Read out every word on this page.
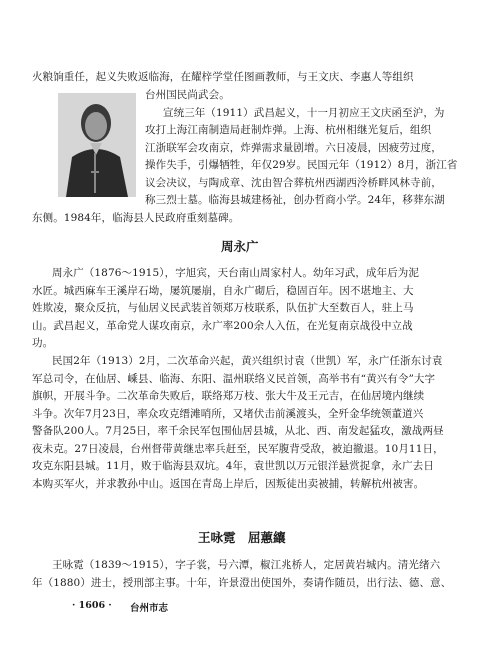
火粮饷重任，起义失败返临海，在耀梓学堂任图画教师，与王文庆、李惠人等组织
台州国民尚武会。
宣统三年（1911）武昌起义，十一月初应王文庆函至沪，为
攻打上海江南制造局赶制炸弹。上海、杭州相继光复后，组织
江浙联军会攻南京，炸弹需求量剧增。六日凌晨，因疲劳过度，
操作失手，引爆牺牲，年仅29岁。民国元年（1912）8月，浙江省
议会决议，与陶成章、沈由智合葬杭州西湖西泠桥畔风林寺前，
称三烈士墓。临海县城建杨祉，创办哲商小学。24年，移葬东湖
东侧。1984年，临海县人民政府重刻墓碑。
周永广
周永广（1876～1915），字旭宾，天台南山周家村人。幼年习武，成年后为泥
水匠。城西麻车王溪岸石坳，屡筑屡崩，自永广砌后，稳固百年。因不堪地主、大
姓欺凌，聚众反抗，与仙居义民武装首领郑万枝联系，队伍扩大至数百人，驻上马
山。武昌起义，革命党人谋攻南京，永广率200余人入伍，在光复南京战役中立战
功。
民国2年（1913）2月，二次革命兴起，黄兴组织讨袁（世凯）军，永广任浙东讨袁
军总司令，在仙居、嵊县、临海、东阳、温州联络义民首领，高举书有“黄兴有令”大字
旗帜，开展斗争。二次革命失败后，联络郑万枝、张大牛及王元吉，在仙居境内继续
斗争。次年7月23日，率众攻克缙滩哨所，又堵伏击前溪渡头，全歼金华统领董道兴
警备队200人。7月25日，率千余民军包围仙居县城，从北、西、南发起猛攻，激战两昼
夜未克。27日凌晨，台州督带黄继忠率兵赶至，民军腹背受敌，被迫撤退。10月11日，
攻克东阳县城。11月，败于临海县双坑。4年，袁世凯以万元银洋悬赏捉拿，永广去日
本购买军火，并求教孙中山。返国在青岛上岸后，因叛徒出卖被捕，转解杭州被害。
王咏霓　屈蕙纕
王咏霓（1839～1915），字子裳，号六潭，椒江兆桥人，定居黄岩城内。清光绪六
年（1880）进士，授刑部主事。十年，许景澄出使国外，奏请作随员，出行法、德、意、
· 1606 · 台州市志
